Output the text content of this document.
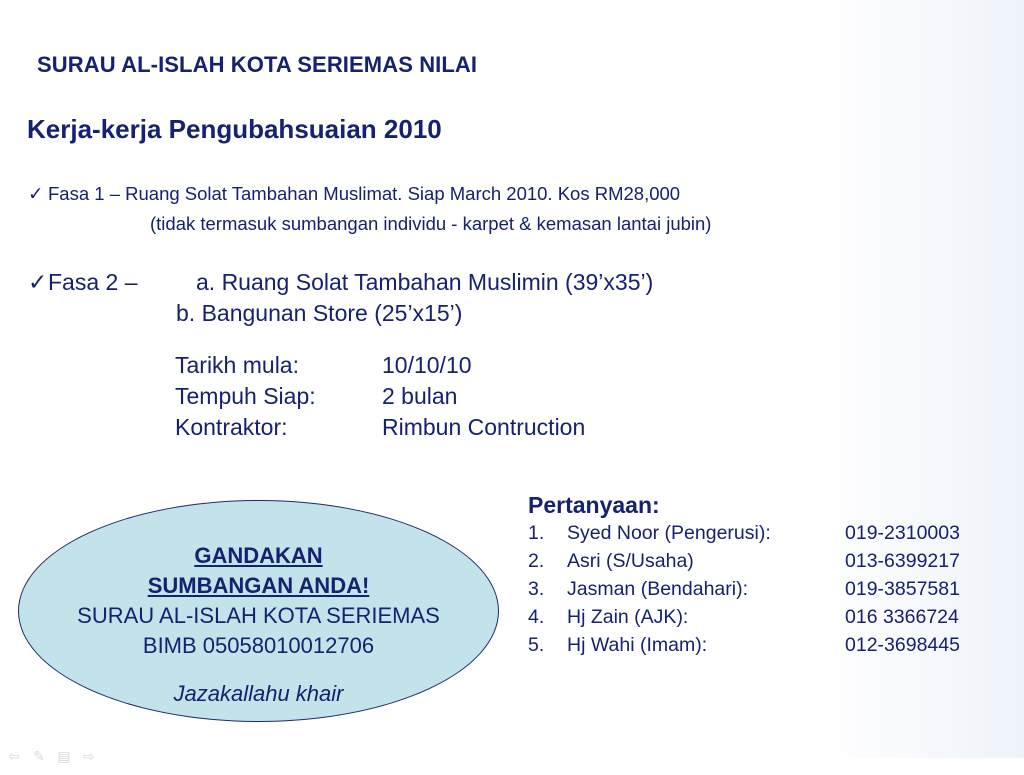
SURAU AL-ISLAH KOTA SERIEMAS NILAI
Kerja-kerja Pengubahsuaian 2010
✓ Fasa 1 – Ruang Solat Tambahan Muslimat. Siap March 2010. Kos RM28,000
(tidak termasuk sumbangan individu - karpet & kemasan lantai jubin)
✓Fasa 2 –	a. Ruang Solat Tambahan Muslimin (39’x35’)
b. Bangunan Store (25’x15’)
Tarikh mula:	10/10/10
Tempuh Siap:	2 bulan
Kontraktor:	Rimbun Contruction
Pertanyaan:
1. Syed Noor (Pengerusi):	019-2310003
2. Asri (S/Usaha)	013-6399217
3. Jasman (Bendahari):	019-3857581
4. Hj Zain (AJK):	016 3366724
5. Hj Wahi (Imam):	012-3698445
GANDAKAN
SUMBANGAN ANDA!
SURAU AL-ISLAH KOTA SERIEMAS
BIMB 05058010012706
Jazakallahu khair
⇦ ✎ ▤ ⇨
